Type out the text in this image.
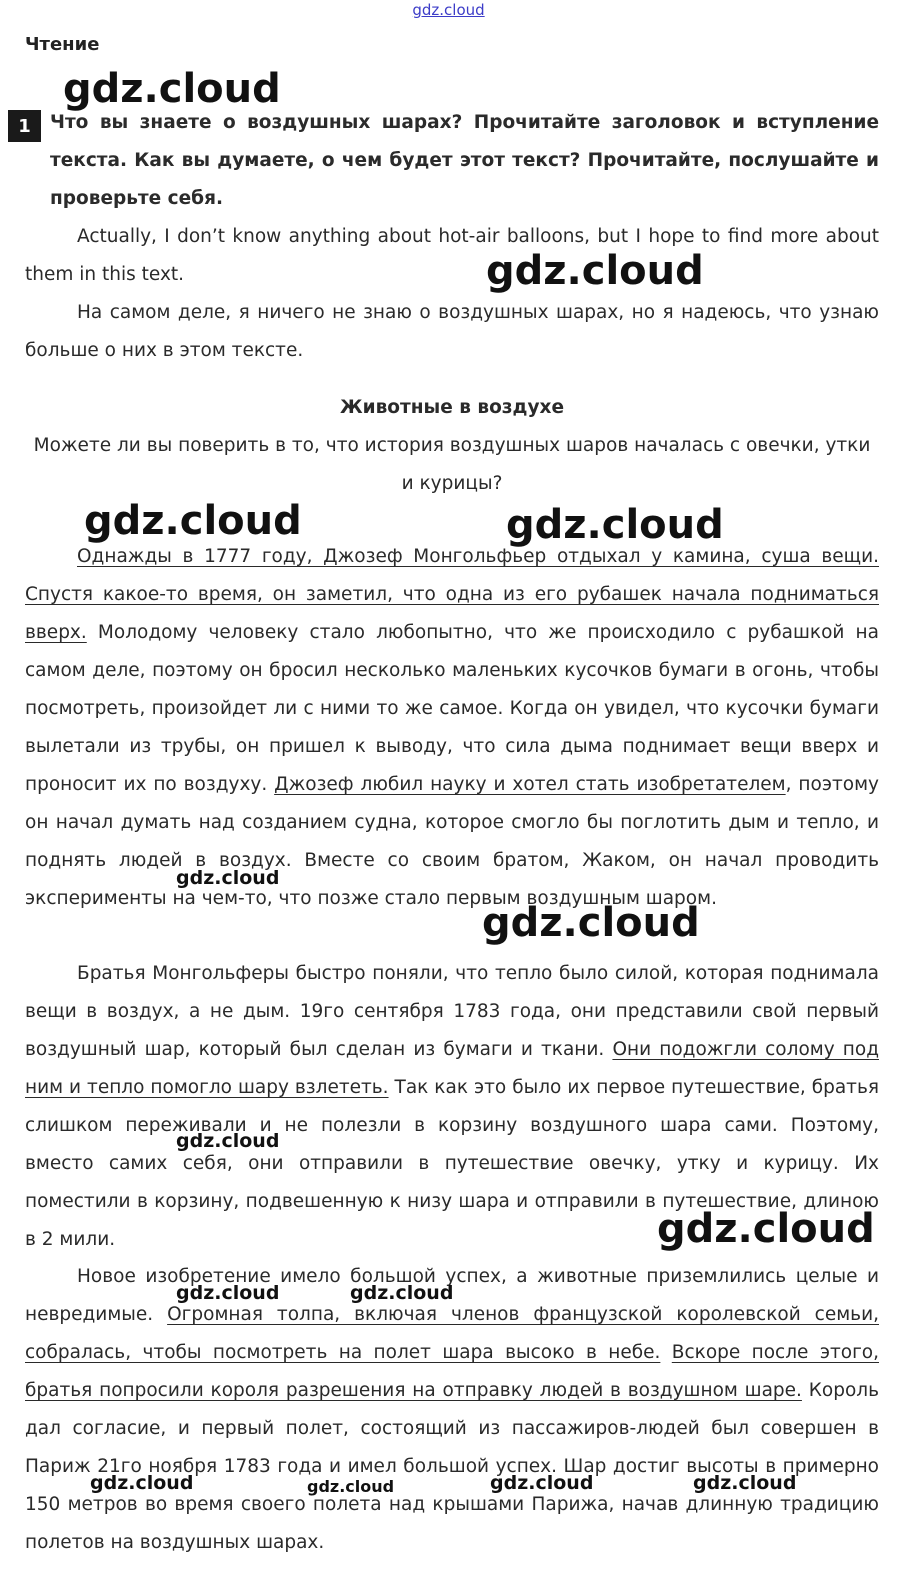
gdz.cloud
Чтение
1	Что вы знаете о воздушных шарах? Прочитайте заголовок и вступление текста. Как вы думаете, о чем будет этот текст? Прочитайте, послушайте и проверьте себя.
Actually, I don’t know anything about hot-air balloons, but I hope to find more about them in this text.
На самом деле, я ничего не знаю о воздушных шарах, но я надеюсь, что узнаю больше о них в этом тексте.
Животные в воздухе
Можете ли вы поверить в то, что история воздушных шаров началась с овечки, утки и курицы?
Однажды в 1777 году, Джозеф Монгольфьер отдыхал у камина, суша вещи. Спустя какое-то время, он заметил, что одна из его рубашек начала подниматься вверх. Молодому человеку стало любопытно, что же происходило с рубашкой на самом деле, поэтому он бросил несколько маленьких кусочков бумаги в огонь, чтобы посмотреть, произойдет ли с ними то же самое. Когда он увидел, что кусочки бумаги вылетали из трубы, он пришел к выводу, что сила дыма поднимает вещи вверх и проносит их по воздуху. Джозеф любил науку и хотел стать изобретателем, поэтому он начал думать над созданием судна, которое смогло бы поглотить дым и тепло, и поднять людей в воздух. Вместе со своим братом, Жаком, он начал проводить эксперименты на чем-то, что позже стало первым воздушным шаром.
Братья Монгольферы быстро поняли, что тепло было силой, которая поднимала вещи в воздух, а не дым. 19го сентября 1783 года, они представили свой первый воздушный шар, который был сделан из бумаги и ткани. Они подожгли солому под ним и тепло помогло шару взлететь. Так как это было их первое путешествие, братья слишком переживали и не полезли в корзину воздушного шара сами. Поэтому, вместо самих себя, они отправили в путешествие овечку, утку и курицу. Их поместили в корзину, подвешенную к низу шара и отправили в путешествие, длиною в 2 мили.
Новое изобретение имело большой успех, а животные приземлились целые и невредимые. Огромная толпа, включая членов французской королевской семьи, собралась, чтобы посмотреть на полет шара высоко в небе. Вскоре после этого, братья попросили короля разрешения на отправку людей в воздушном шаре. Король дал согласие, и первый полет, состоящий из пассажиров-людей был совершен в Париж 21го ноября 1783 года и имел большой успех. Шар достиг высоты в примерно 150 метров во время своего полета над крышами Парижа, начав длинную традицию полетов на воздушных шарах.
gdz.cloud
gdz.cloud
gdz.cloud	gdz.cloud
gdz.cloud
gdz.cloud
gdz.cloud
gdz.cloud
gdz.cloud	gdz.cloud
gdz.cloud	gdz.cloud	gdz.cloud	gdz.cloud
